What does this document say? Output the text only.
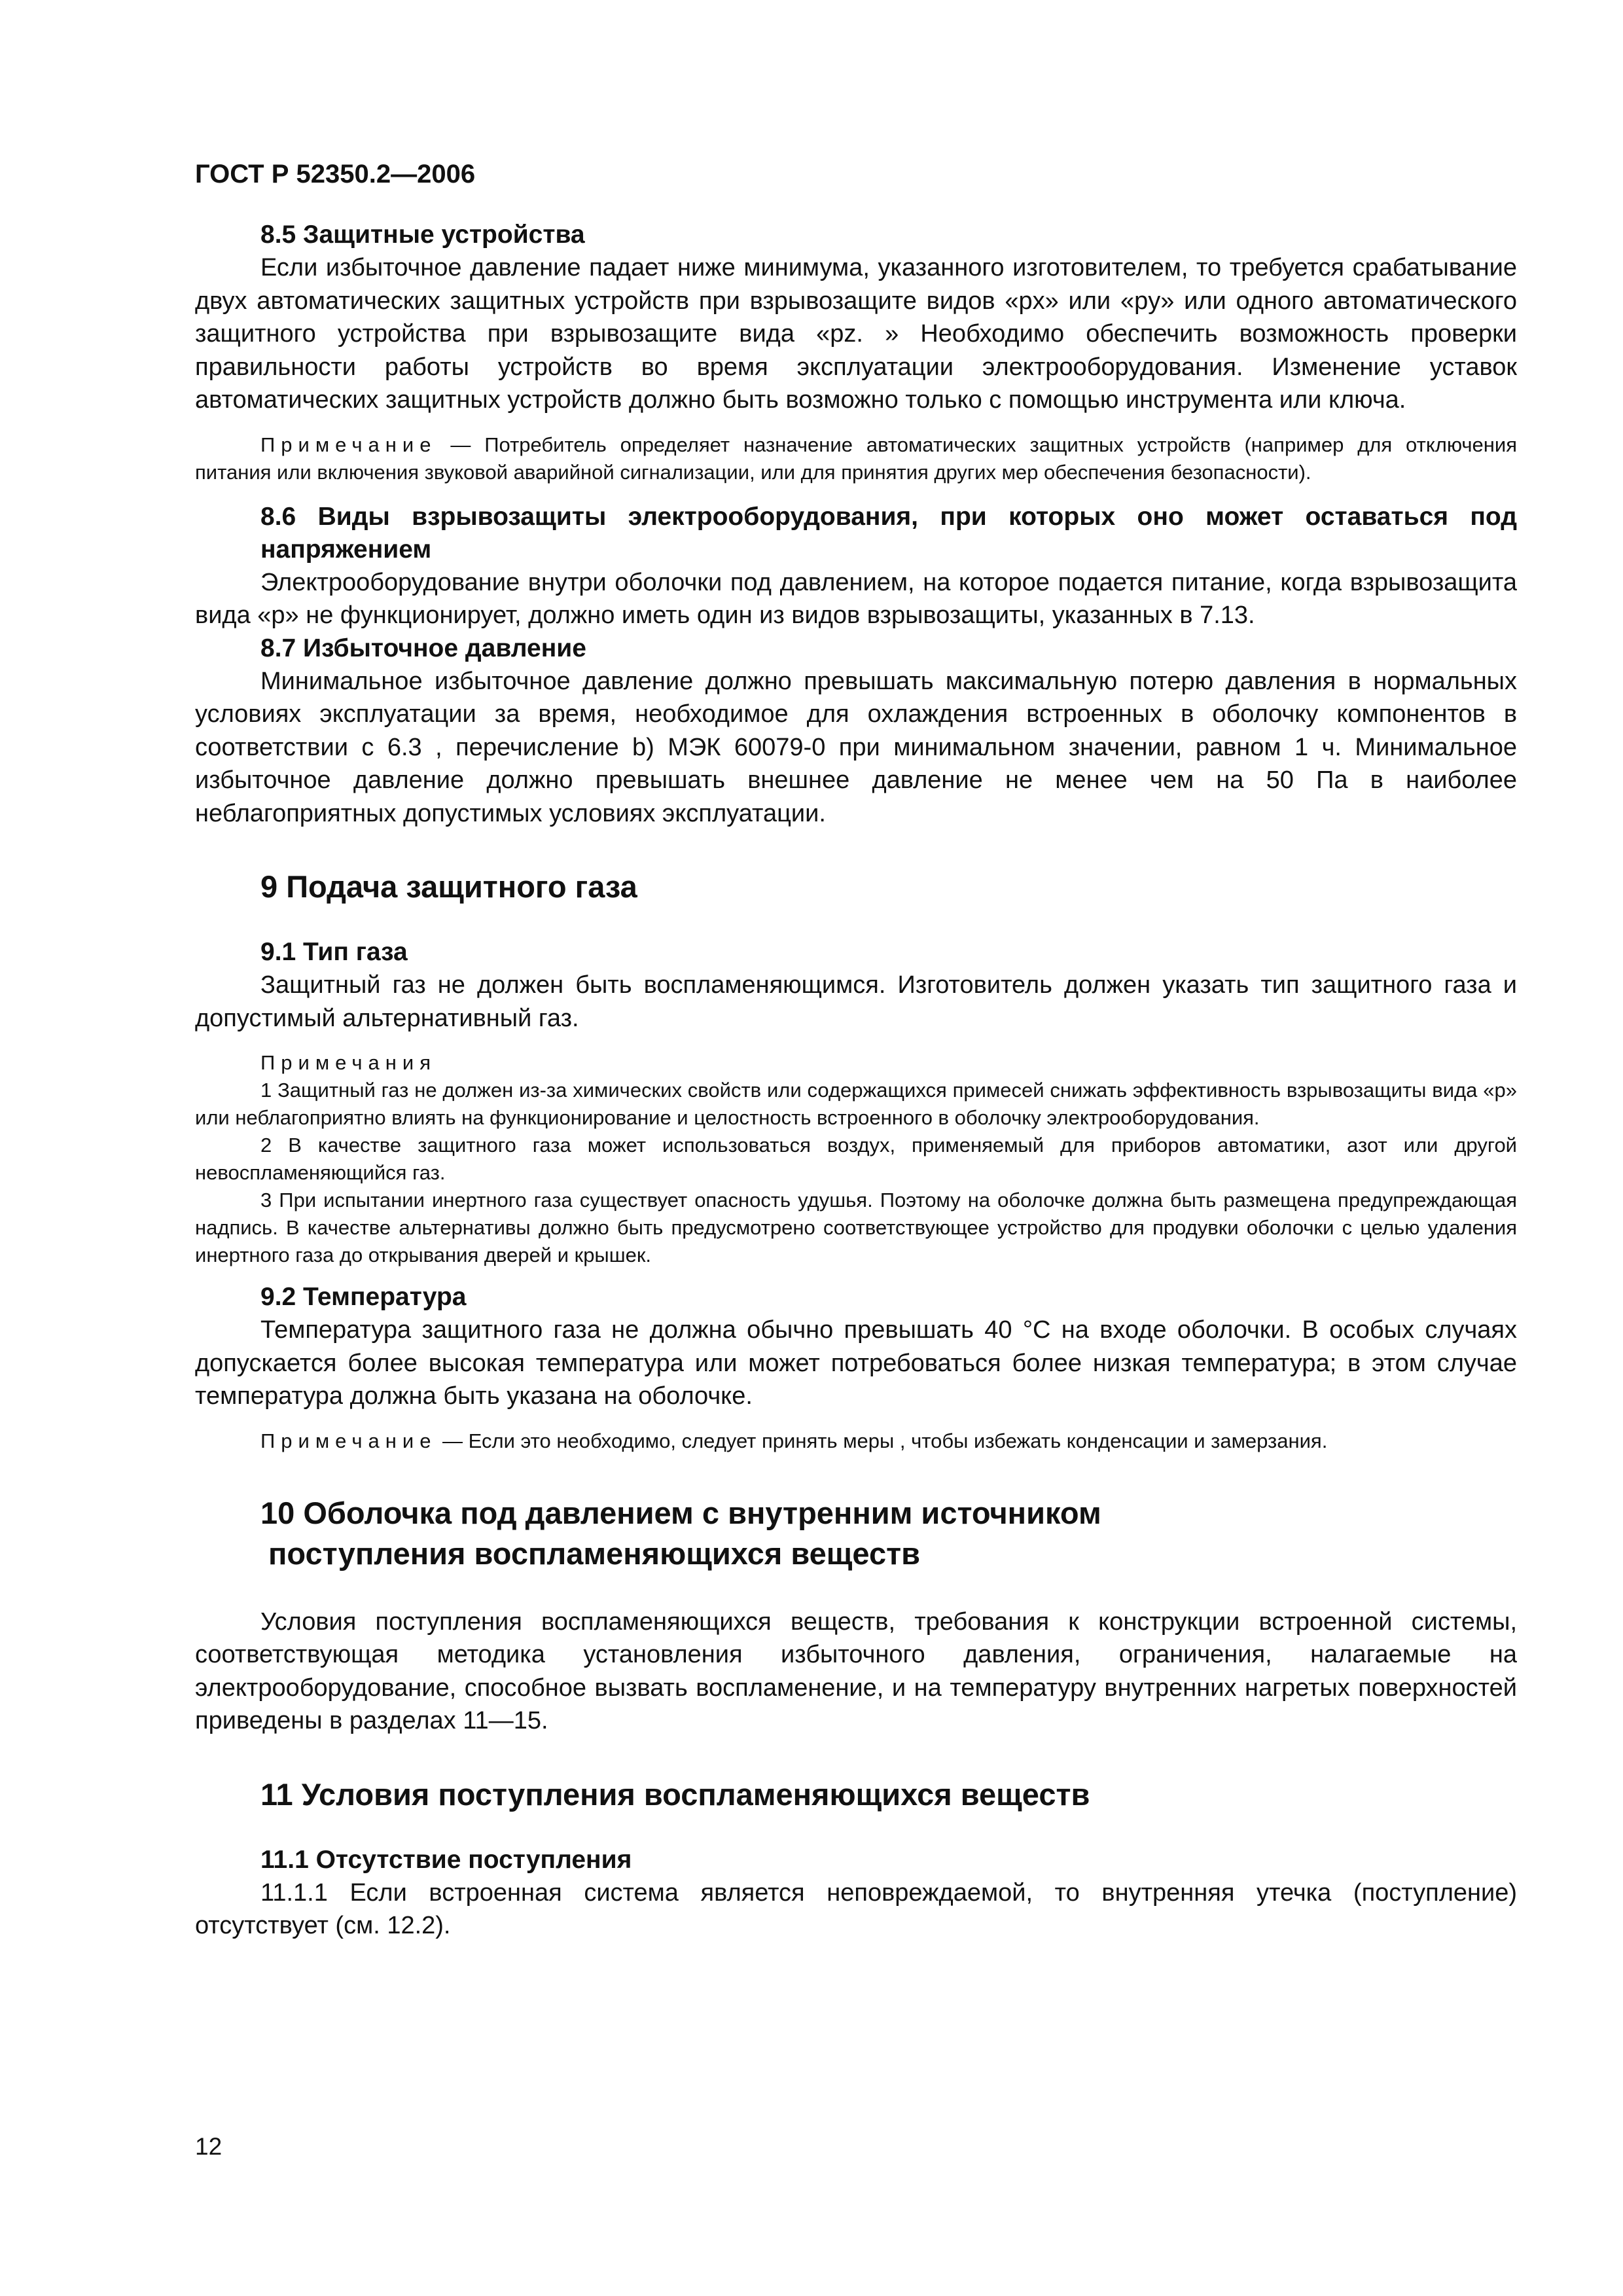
ГОСТ Р 52350.2—2006

8.5 Защитные устройства

Если избыточное давление падает ниже минимума, указанного изготовителем, то требуется срабатывание двух автоматических защитных устройств при взрывозащите видов «px» или «py» или одного автоматического защитного устройства при взрывозащите вида «pz. » Необходимо обеспечить возможность проверки правильности работы устройств во время эксплуатации электрооборудования. Изменение уставок автоматических защитных устройств должно быть возможно только с помощью инструмента или ключа.

Примечание — Потребитель определяет назначение автоматических защитных устройств (например для отключения питания или включения звуковой аварийной сигнализации, или для принятия других мер обеспечения безопасности).

8.6 Виды взрывозащиты электрооборудования, при которых оно может оставаться под напряжением

Электрооборудование внутри оболочки под давлением, на которое подается питание, когда взрывозащита вида «p» не функционирует, должно иметь один из видов взрывозащиты, указанных в 7.13.

8.7 Избыточное давление

Минимальное избыточное давление должно превышать максимальную потерю давления в нормальных условиях эксплуатации за время, необходимое для охлаждения встроенных в оболочку компонентов в соответствии с 6.3 , перечисление b) МЭК 60079-0 при минимальном значении, равном 1 ч. Минимальное избыточное давление должно превышать внешнее давление не менее чем на 50 Па в наиболее неблагоприятных допустимых условиях эксплуатации.

9 Подача защитного газа

9.1 Тип газа

Защитный газ не должен быть воспламеняющимся. Изготовитель должен указать тип защитного газа и допустимый альтернативный газ.

Примечания

1 Защитный газ не должен из-за химических свойств или содержащихся примесей снижать эффективность взрывозащиты вида «p» или неблагоприятно влиять на функционирование и целостность встроенного в оболочку электрооборудования.

2 В качестве защитного газа может использоваться воздух, применяемый для приборов автоматики, азот или другой невоспламеняющийся газ.

3 При испытании инертного газа существует опасность удушья. Поэтому на оболочке должна быть размещена предупреждающая надпись. В качестве альтернативы должно быть предусмотрено соответствующее устройство для продувки оболочки с целью удаления инертного газа до открывания дверей и крышек.

9.2 Температура

Температура защитного газа не должна обычно превышать 40 °С на входе оболочки. В особых случаях допускается более высокая температура или может потребоваться более низкая температура; в этом случае температура должна быть указана на оболочке.

Примечание — Если это необходимо, следует принять меры , чтобы избежать конденсации и замерзания.

10 Оболочка под давлением с внутренним источником
поступления воспламеняющихся веществ

Условия поступления воспламеняющихся веществ, требования к конструкции встроенной системы, соответствующая методика установления избыточного давления, ограничения, налагаемые на электрооборудование, способное вызвать воспламенение, и на температуру внутренних нагретых поверхностей приведены в разделах 11—15.

11 Условия поступления воспламеняющихся веществ

11.1 Отсутствие поступления

11.1.1 Если встроенная система является неповреждаемой, то внутренняя утечка (поступление) отсутствует (см. 12.2).

12
